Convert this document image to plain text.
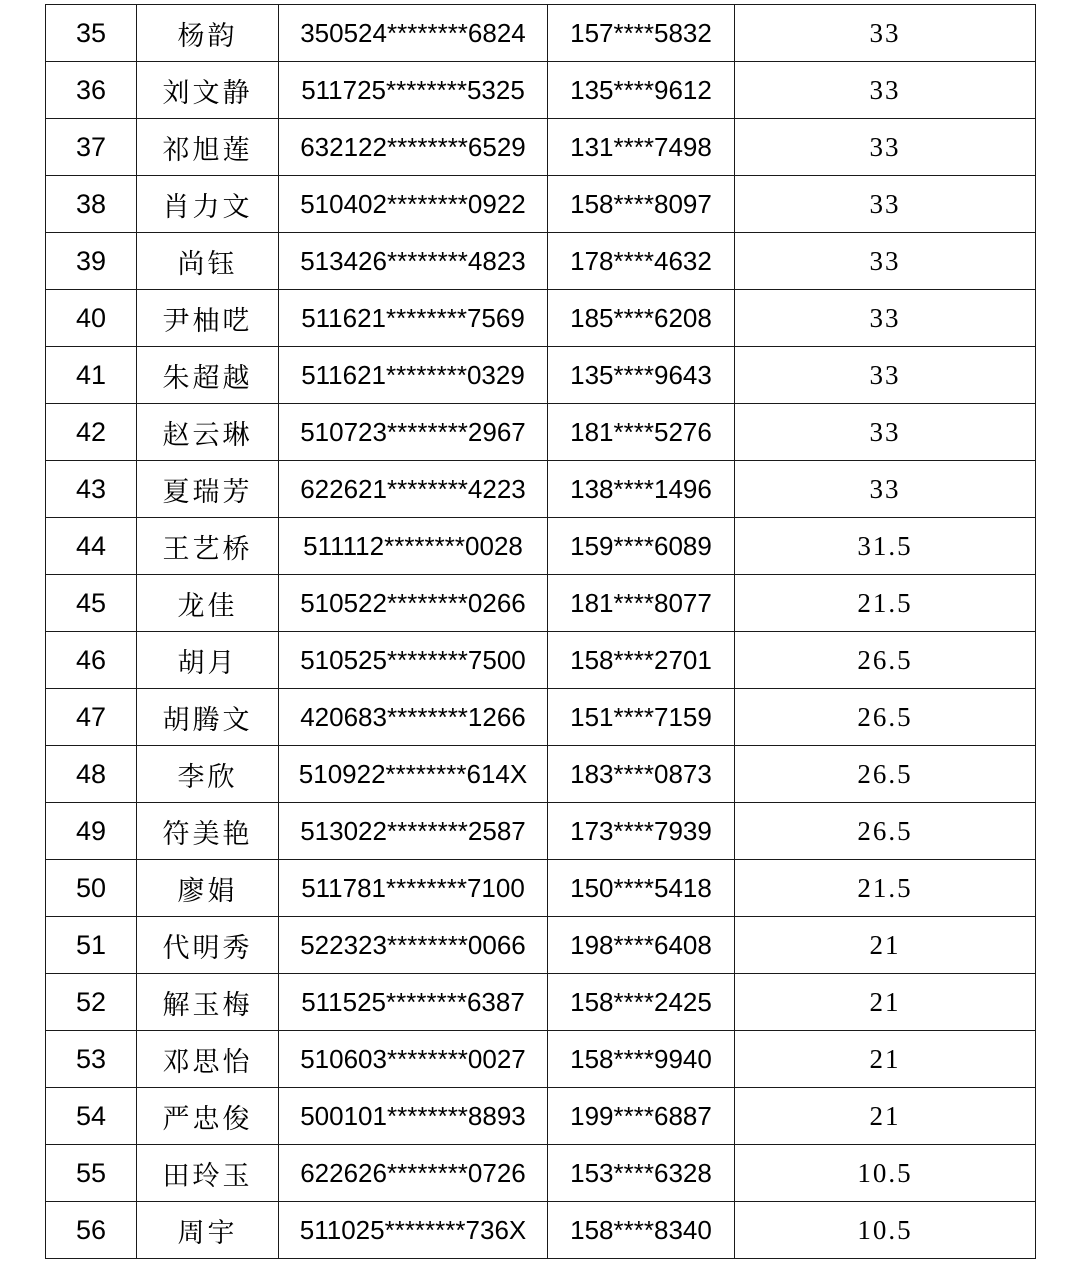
35	杨韵	350524********6824	157****5832	33
36	刘文静	511725********5325	135****9612	33
37	祁旭莲	632122********6529	131****7498	33
38	肖力文	510402********0922	158****8097	33
39	尚钰	513426********4823	178****4632	33
40	尹柚呓	511621********7569	185****6208	33
41	朱超越	511621********0329	135****9643	33
42	赵云琳	510723********2967	181****5276	33
43	夏瑞芳	622621********4223	138****1496	33
44	王艺桥	511112********0028	159****6089	31.5
45	龙佳	510522********0266	181****8077	21.5
46	胡月	510525********7500	158****2701	26.5
47	胡腾文	420683********1266	151****7159	26.5
48	李欣	510922********614X	183****0873	26.5
49	符美艳	513022********2587	173****7939	26.5
50	廖娟	511781********7100	150****5418	21.5
51	代明秀	522323********0066	198****6408	21
52	解玉梅	511525********6387	158****2425	21
53	邓思怡	510603********0027	158****9940	21
54	严忠俊	500101********8893	199****6887	21
55	田玲玉	622626********0726	153****6328	10.5
56	周宇	511025********736X	158****8340	10.5
